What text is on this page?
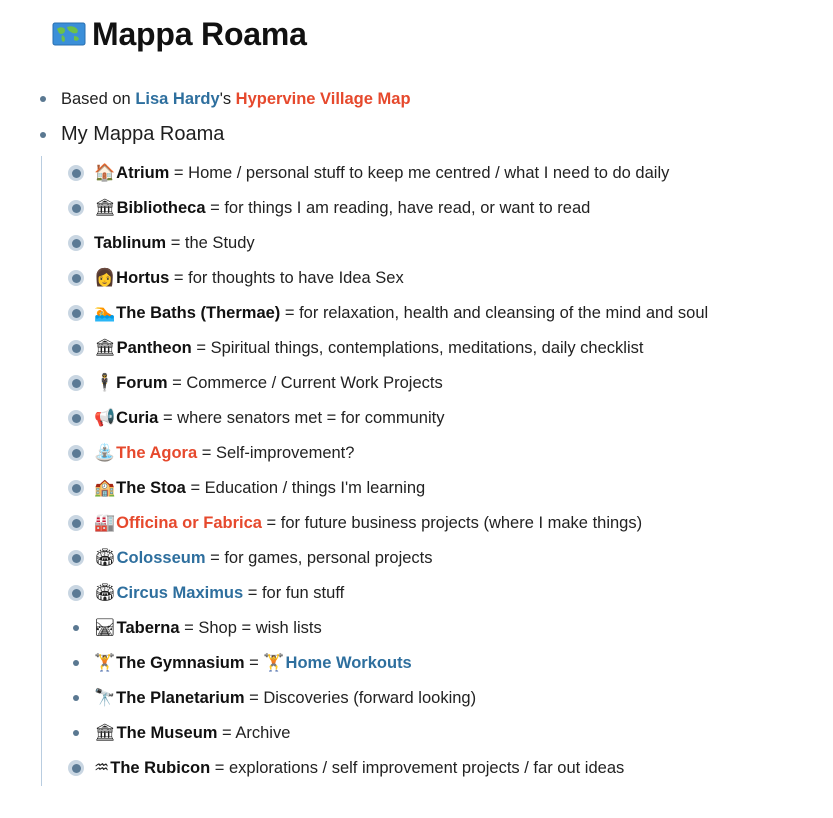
Mappa Roama
Based on Lisa Hardy's Hypervine Village Map
My Mappa Roama
🏠 Atrium = Home / personal stuff to keep me centred / what I need to do daily
🏛 Bibliotheca = for things I am reading, have read, or want to read
Tablinum = the Study
👩 Hortus = for thoughts to have Idea Sex
🏊 The Baths (Thermae) = for relaxation, health and cleansing of the mind and soul
🏛 Pantheon = Spiritual things, contemplations, meditations, daily checklist
🕴 Forum = Commerce / Current Work Projects
📢 Curia = where senators met = for community
⛲ The Agora = Self-improvement?
🏫 The Stoa = Education / things I'm learning
🏭 Officina or Fabrica = for future business projects (where I make things)
🏟 Colosseum = for games, personal projects
🏟 Circus Maximus = for fun stuff
🛤 Taberna = Shop = wish lists
🏋 The Gymnasium = 🏋 Home Workouts
🔭 The Planetarium = Discoveries (forward looking)
🏛 The Museum = Archive
♒ The Rubicon = explorations / self improvement projects / far out ideas
